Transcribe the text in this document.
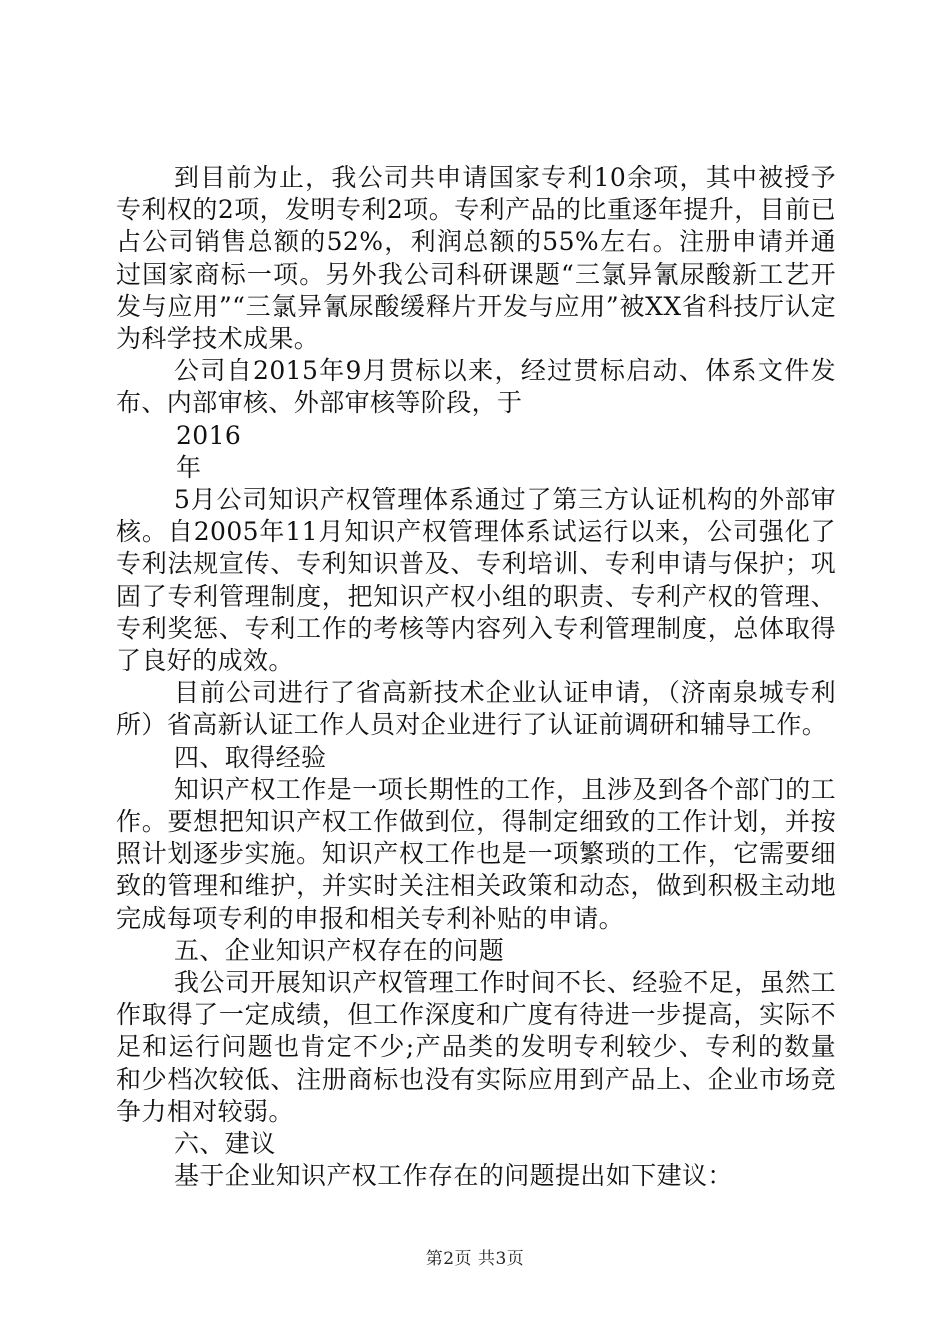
到目前为止，我公司共申请国家专利10余项，其中被授予专利权的2项，发明专利2项。专利产品的比重逐年提升，目前已占公司销售总额的52%，利润总额的55%左右。注册申请并通过国家商标一项。另外我公司科研课题“三氯异氰尿酸新工艺开发与应用”“三氯异氰尿酸缓释片开发与应用”被XX省科技厅认定为科学技术成果。

公司自2015年9月贯标以来，经过贯标启动、体系文件发布、内部审核、外部审核等阶段，于

2016

年

5月公司知识产权管理体系通过了第三方认证机构的外部审核。自2005年11月知识产权管理体系试运行以来，公司强化了专利法规宣传、专利知识普及、专利培训、专利申请与保护；巩固了专利管理制度，把知识产权小组的职责、专利产权的管理、专利奖惩、专利工作的考核等内容列入专利管理制度，总体取得了良好的成效。

目前公司进行了省高新技术企业认证申请，（济南泉城专利所）省高新认证工作人员对企业进行了认证前调研和辅导工作。

四、取得经验

知识产权工作是一项长期性的工作，且涉及到各个部门的工作。要想把知识产权工作做到位，得制定细致的工作计划，并按照计划逐步实施。知识产权工作也是一项繁琐的工作，它需要细致的管理和维护，并实时关注相关政策和动态，做到积极主动地完成每项专利的申报和相关专利补贴的申请。

五、企业知识产权存在的问题

我公司开展知识产权管理工作时间不长、经验不足，虽然工作取得了一定成绩，但工作深度和广度有待进一步提高，实际不足和运行问题也肯定不少;产品类的发明专利较少、专利的数量和少档次较低、注册商标也没有实际应用到产品上、企业市场竞争力相对较弱。

六、建议

基于企业知识产权工作存在的问题提出如下建议：

第2页 共3页
